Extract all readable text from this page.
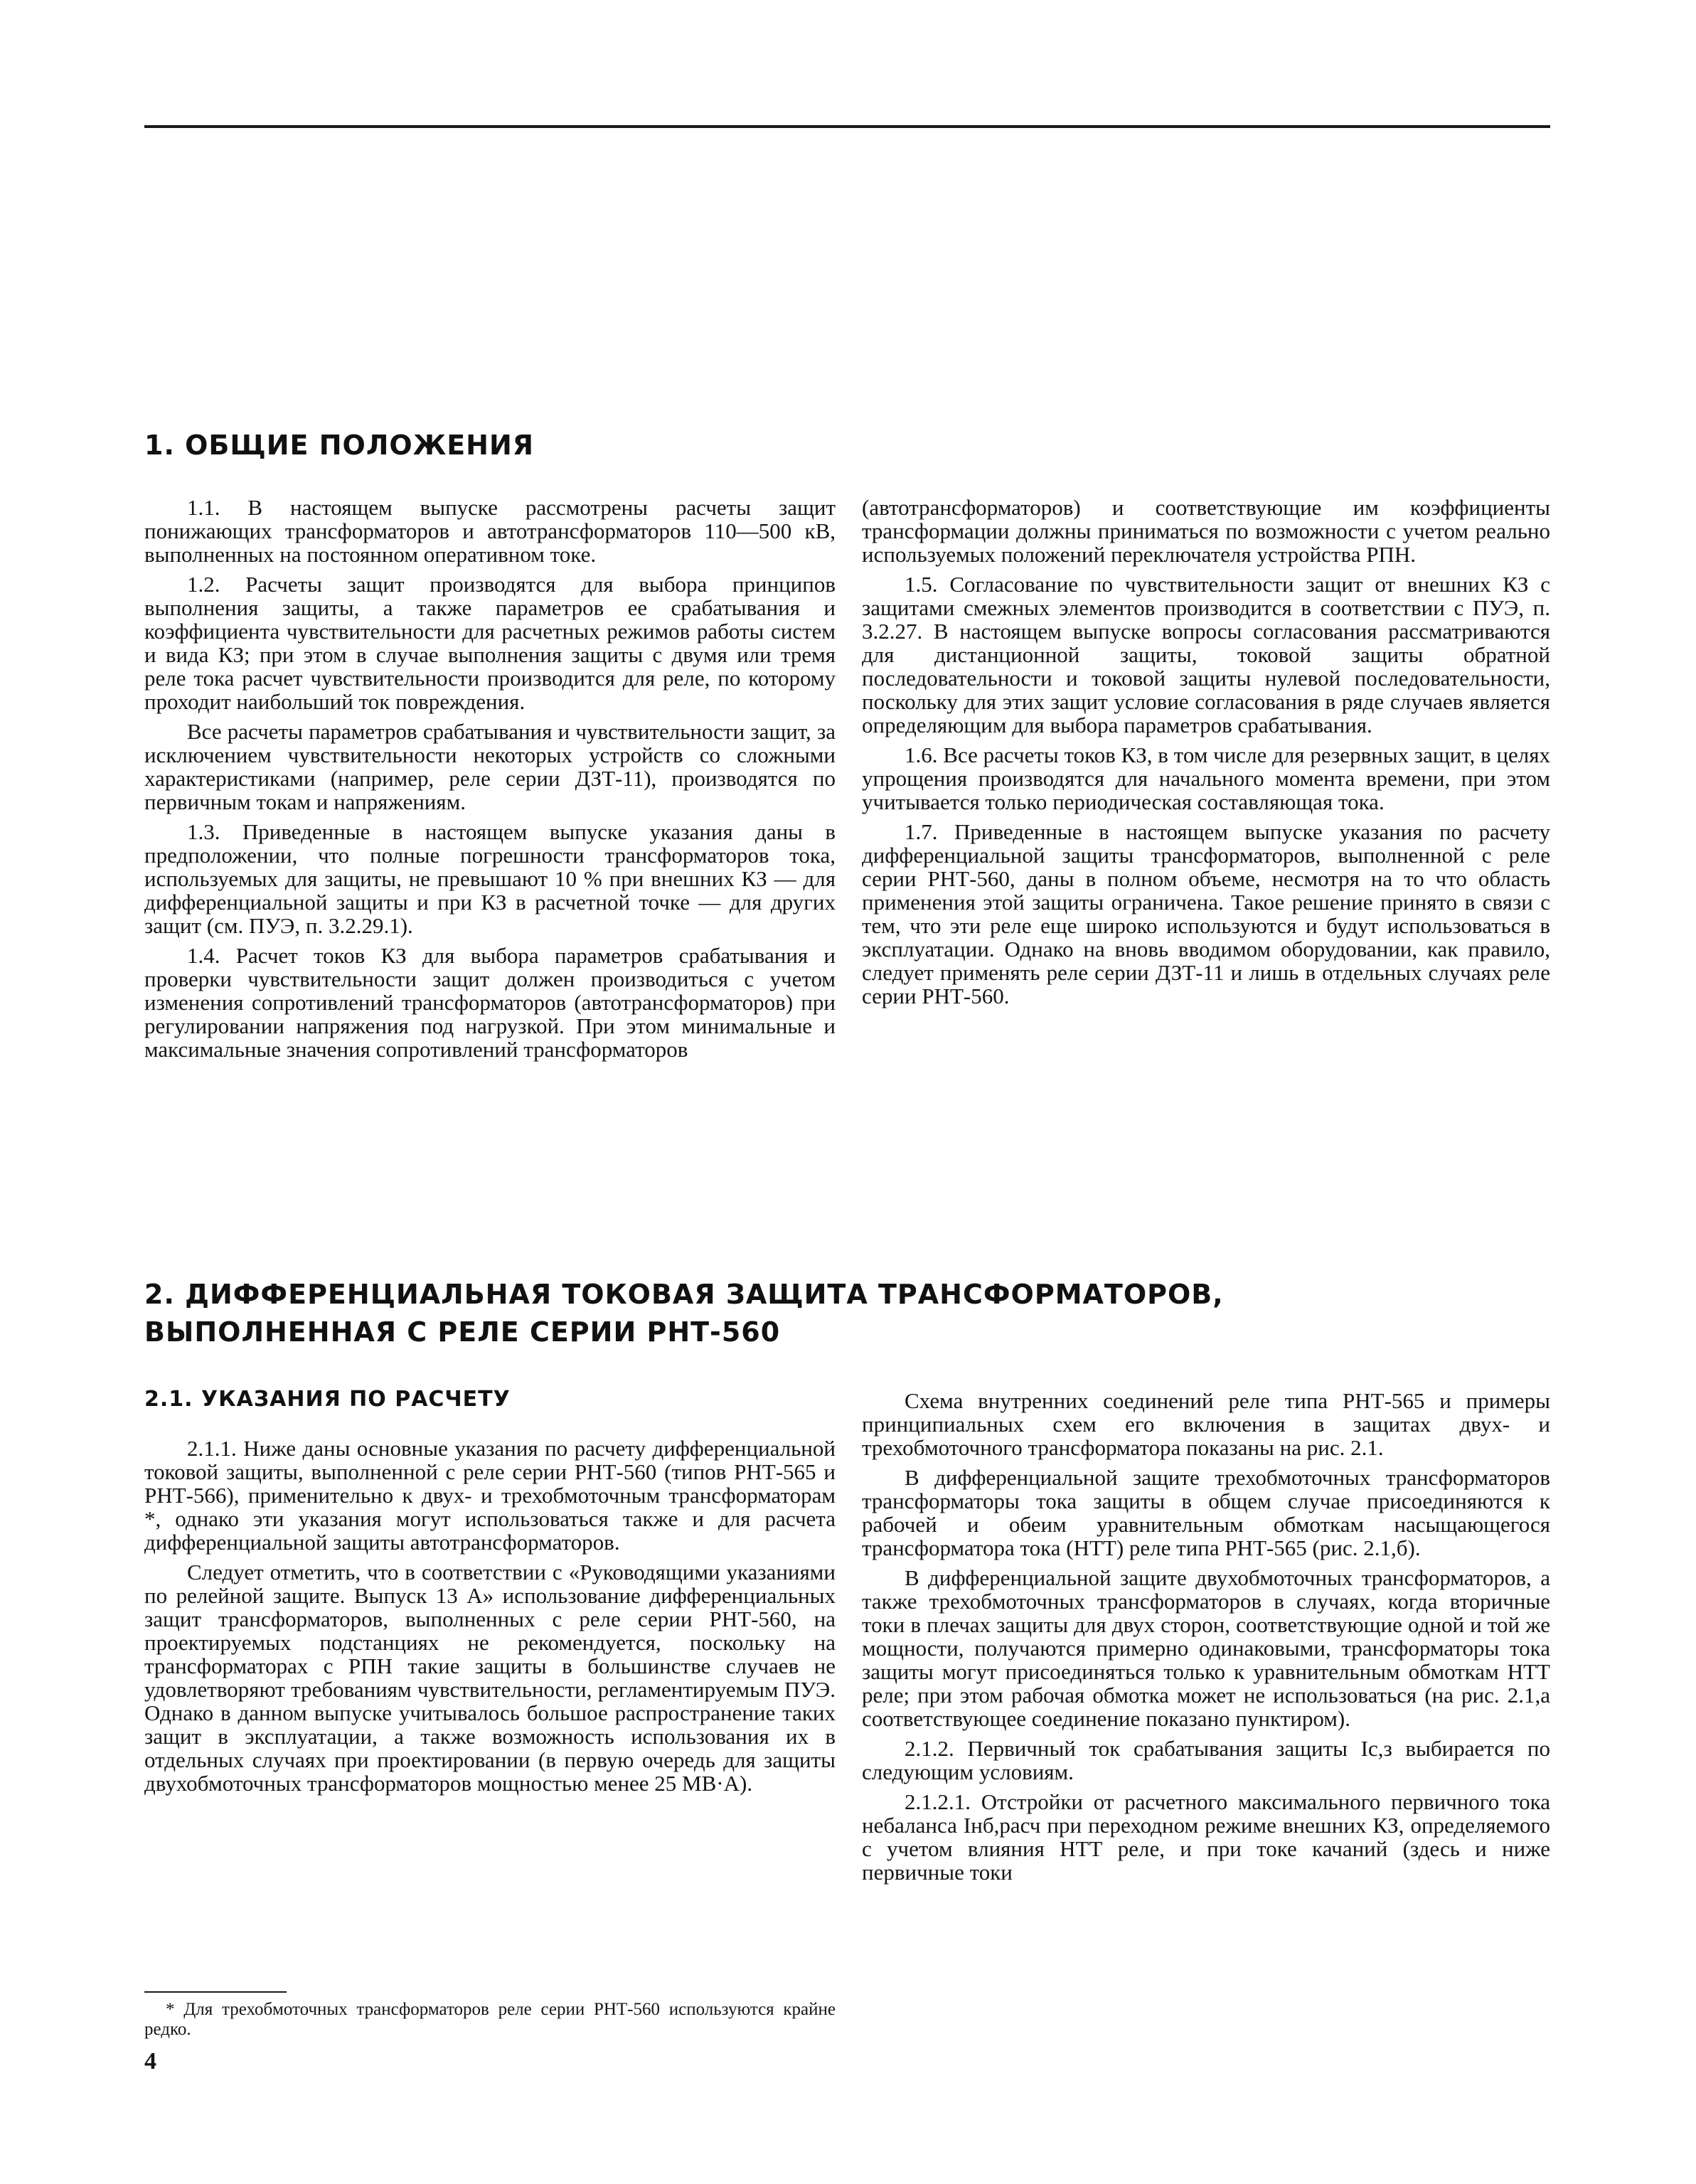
1. ОБЩИЕ ПОЛОЖЕНИЯ

1.1. В настоящем выпуске рассмотрены расчеты защит понижающих трансформаторов и автотрансформаторов 110—500 кВ, выполненных на постоянном оперативном токе.

1.2. Расчеты защит производятся для выбора принципов выполнения защиты, а также параметров ее срабатывания и коэффициента чувствительности для расчетных режимов работы систем и вида КЗ; при этом в случае выполнения защиты с двумя или тремя реле тока расчет чувствительности производится для реле, по которому проходит наибольший ток повреждения.

Все расчеты параметров срабатывания и чувствительности защит, за исключением чувствительности некоторых устройств со сложными характеристиками (например, реле серии ДЗТ-11), производятся по первичным токам и напряжениям.

1.3. Приведенные в настоящем выпуске указания даны в предположении, что полные погрешности трансформаторов тока, используемых для защиты, не превышают 10 % при внешних КЗ — для дифференциальной защиты и при КЗ в расчетной точке — для других защит (см. ПУЭ, п. 3.2.29.1).

1.4. Расчет токов КЗ для выбора параметров срабатывания и проверки чувствительности защит должен производиться с учетом изменения сопротивлений трансформаторов (автотрансформаторов) при регулировании напряжения под нагрузкой. При этом минимальные и максимальные значения сопротивлений трансформаторов

(автотрансформаторов) и соответствующие им коэффициенты трансформации должны приниматься по возможности с учетом реально используемых положений переключателя устройства РПН.

1.5. Согласование по чувствительности защит от внешних КЗ с защитами смежных элементов производится в соответствии с ПУЭ, п. 3.2.27. В настоящем выпуске вопросы согласования рассматриваются для дистанционной защиты, токовой защиты обратной последовательности и токовой защиты нулевой последовательности, поскольку для этих защит условие согласования в ряде случаев является определяющим для выбора параметров срабатывания.

1.6. Все расчеты токов КЗ, в том числе для резервных защит, в целях упрощения производятся для начального момента времени, при этом учитывается только периодическая составляющая тока.

1.7. Приведенные в настоящем выпуске указания по расчету дифференциальной защиты трансформаторов, выполненной с реле серии РНТ-560, даны в полном объеме, несмотря на то что область применения этой защиты ограничена. Такое решение принято в связи с тем, что эти реле еще широко используются и будут использоваться в эксплуатации. Однако на вновь вводимом оборудовании, как правило, следует применять реле серии ДЗТ-11 и лишь в отдельных случаях реле серии РНТ-560.

2. ДИФФЕРЕНЦИАЛЬНАЯ ТОКОВАЯ ЗАЩИТА ТРАНСФОРМАТОРОВ,
ВЫПОЛНЕННАЯ С РЕЛЕ СЕРИИ РНТ-560
2.1. УКАЗАНИЯ ПО РАСЧЕТУ

2.1.1. Ниже даны основные указания по расчету дифференциальной токовой защиты, выполненной с реле серии РНТ-560 (типов РНТ-565 и РНТ-566), применительно к двух- и трехобмоточным трансформаторам *, однако эти указания могут использоваться также и для расчета дифференциальной защиты автотрансформаторов.

Следует отметить, что в соответствии с «Руководящими указаниями по релейной защите. Выпуск 13 А» использование дифференциальных защит трансформаторов, выполненных с реле серии РНТ-560, на проектируемых подстанциях не рекомендуется, поскольку на трансформаторах с РПН такие защиты в большинстве случаев не удовлетворяют требованиям чувствительности, регламентируемым ПУЭ. Однако в данном выпуске учитывалось большое распространение таких защит в эксплуатации, а также возможность использования их в отдельных случаях при проектировании (в первую очередь для защиты двухобмоточных трансформаторов мощностью менее 25 МВ·А).

Схема внутренних соединений реле типа РНТ-565 и примеры принципиальных схем его включения в защитах двух- и трехобмоточного трансформатора показаны на рис. 2.1.

В дифференциальной защите трехобмоточных трансформаторов трансформаторы тока защиты в общем случае присоединяются к рабочей и обеим уравнительным обмоткам насыщающегося трансформатора тока (НТТ) реле типа РНТ-565 (рис. 2.1,б).

В дифференциальной защите двухобмоточных трансформаторов, а также трехобмоточных трансформаторов в случаях, когда вторичные токи в плечах защиты для двух сторон, соответствующие одной и той же мощности, получаются примерно одинаковыми, трансформаторы тока защиты могут присоединяться только к уравнительным обмоткам НТТ реле; при этом рабочая обмотка может не использоваться (на рис. 2.1,а соответствующее соединение показано пунктиром).

2.1.2. Первичный ток срабатывания защиты Iс,з выбирается по следующим условиям.

2.1.2.1. Отстройки от расчетного максимального первичного тока небаланса Iнб,расч при переходном режиме внешних КЗ, определяемого с учетом влияния НТТ реле, и при токе качаний (здесь и ниже первичные токи

* Для трехобмоточных трансформаторов реле серии РНТ-560 используются крайне редко.

4
